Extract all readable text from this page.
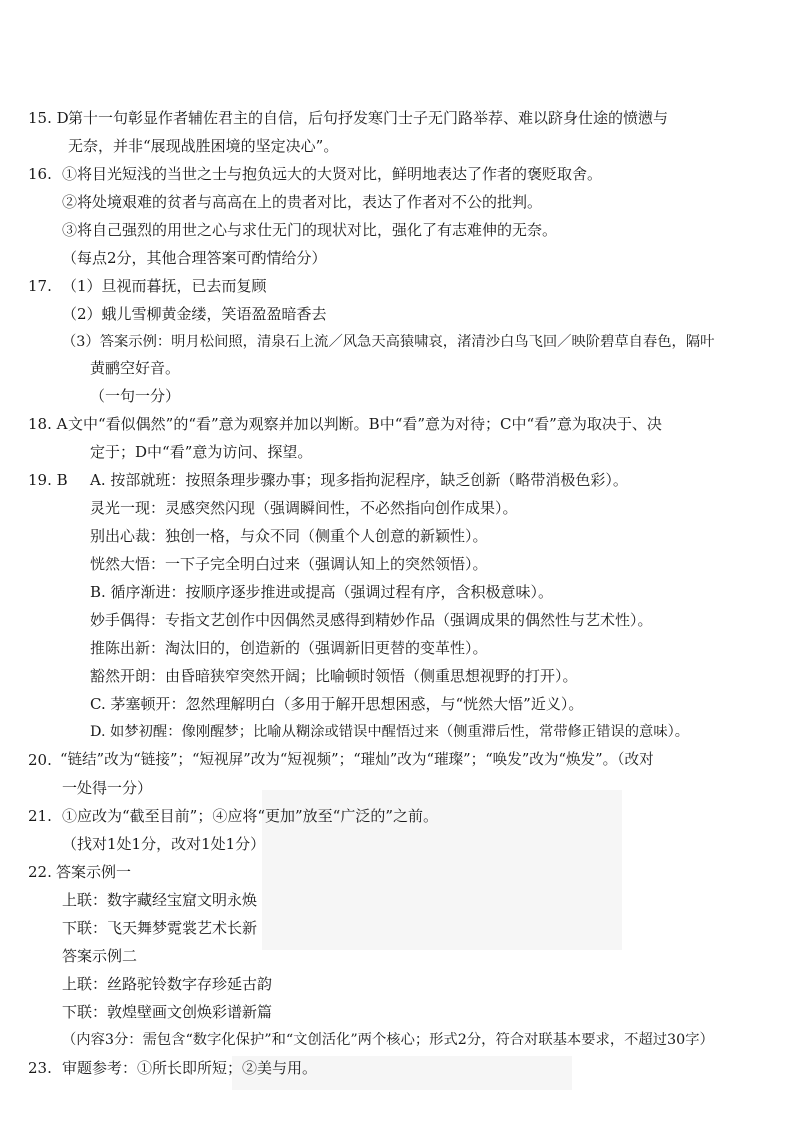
15. D 第十一句彰显作者辅佐君主的自信，后句抒发寒门士子无门路举荐、难以跻身仕途的愤懑与
无奈，并非“展现战胜困境的坚定决心”。
16. ①将目光短浅的当世之士与抱负远大的大贤对比，鲜明地表达了作者的褒贬取舍。
②将处境艰难的贫者与高高在上的贵者对比，表达了作者对不公的批判。
③将自己强烈的用世之心与求仕无门的现状对比，强化了有志难伸的无奈。
（每点2分，其他合理答案可酌情给分）
17. （1）旦视而暮抚，已去而复顾
（2）蛾儿雪柳黄金缕，笑语盈盈暗香去
（3）答案示例：明月松间照，清泉石上流／风急天高猿啸哀，渚清沙白鸟飞回／映阶碧草自春色，隔叶
黄鹂空好音。
（一句一分）
18. A 文中“看似偶然”的“看”意为观察并加以判断。B中“看”意为对待；C中“看”意为取决于、决
定于；D中“看”意为访问、探望。
19. B A. 按部就班：按照条理步骤办事；现多指拘泥程序，缺乏创新（略带消极色彩）。
灵光一现：灵感突然闪现（强调瞬间性，不必然指向创作成果）。
别出心裁：独创一格，与众不同（侧重个人创意的新颖性）。
恍然大悟：一下子完全明白过来（强调认知上的突然领悟）。
B. 循序渐进：按顺序逐步推进或提高（强调过程有序，含积极意味）。
妙手偶得：专指文艺创作中因偶然灵感得到精妙作品（强调成果的偶然性与艺术性）。
推陈出新：淘汰旧的，创造新的（强调新旧更替的变革性）。
豁然开朗：由昏暗狭窄突然开阔；比喻顿时领悟（侧重思想视野的打开）。
C. 茅塞顿开：忽然理解明白（多用于解开思想困惑，与“恍然大悟”近义）。
D. 如梦初醒：像刚醒梦；比喻从糊涂或错误中醒悟过来（侧重滞后性，常带修正错误的意味）。
20. “链结”改为“链接”；“短视屏”改为“短视频”；“璀灿”改为“璀璨”；“唤发”改为“焕发”。（改对
一处得一分）
21. ①应改为“截至目前”；④应将“更加”放至“广泛的”之前。
（找对1处1分，改对1处1分）
22. 答案示例一
上联：数字藏经宝窟文明永焕
下联：飞天舞梦霓裳艺术长新
答案示例二
上联：丝路驼铃数字存珍延古韵
下联：敦煌壁画文创焕彩谱新篇
（内容3分：需包含“数字化保护”和“文创活化”两个核心；形式2分，符合对联基本要求，不超过30字）
23. 审题参考：①所长即所短；②美与用。
